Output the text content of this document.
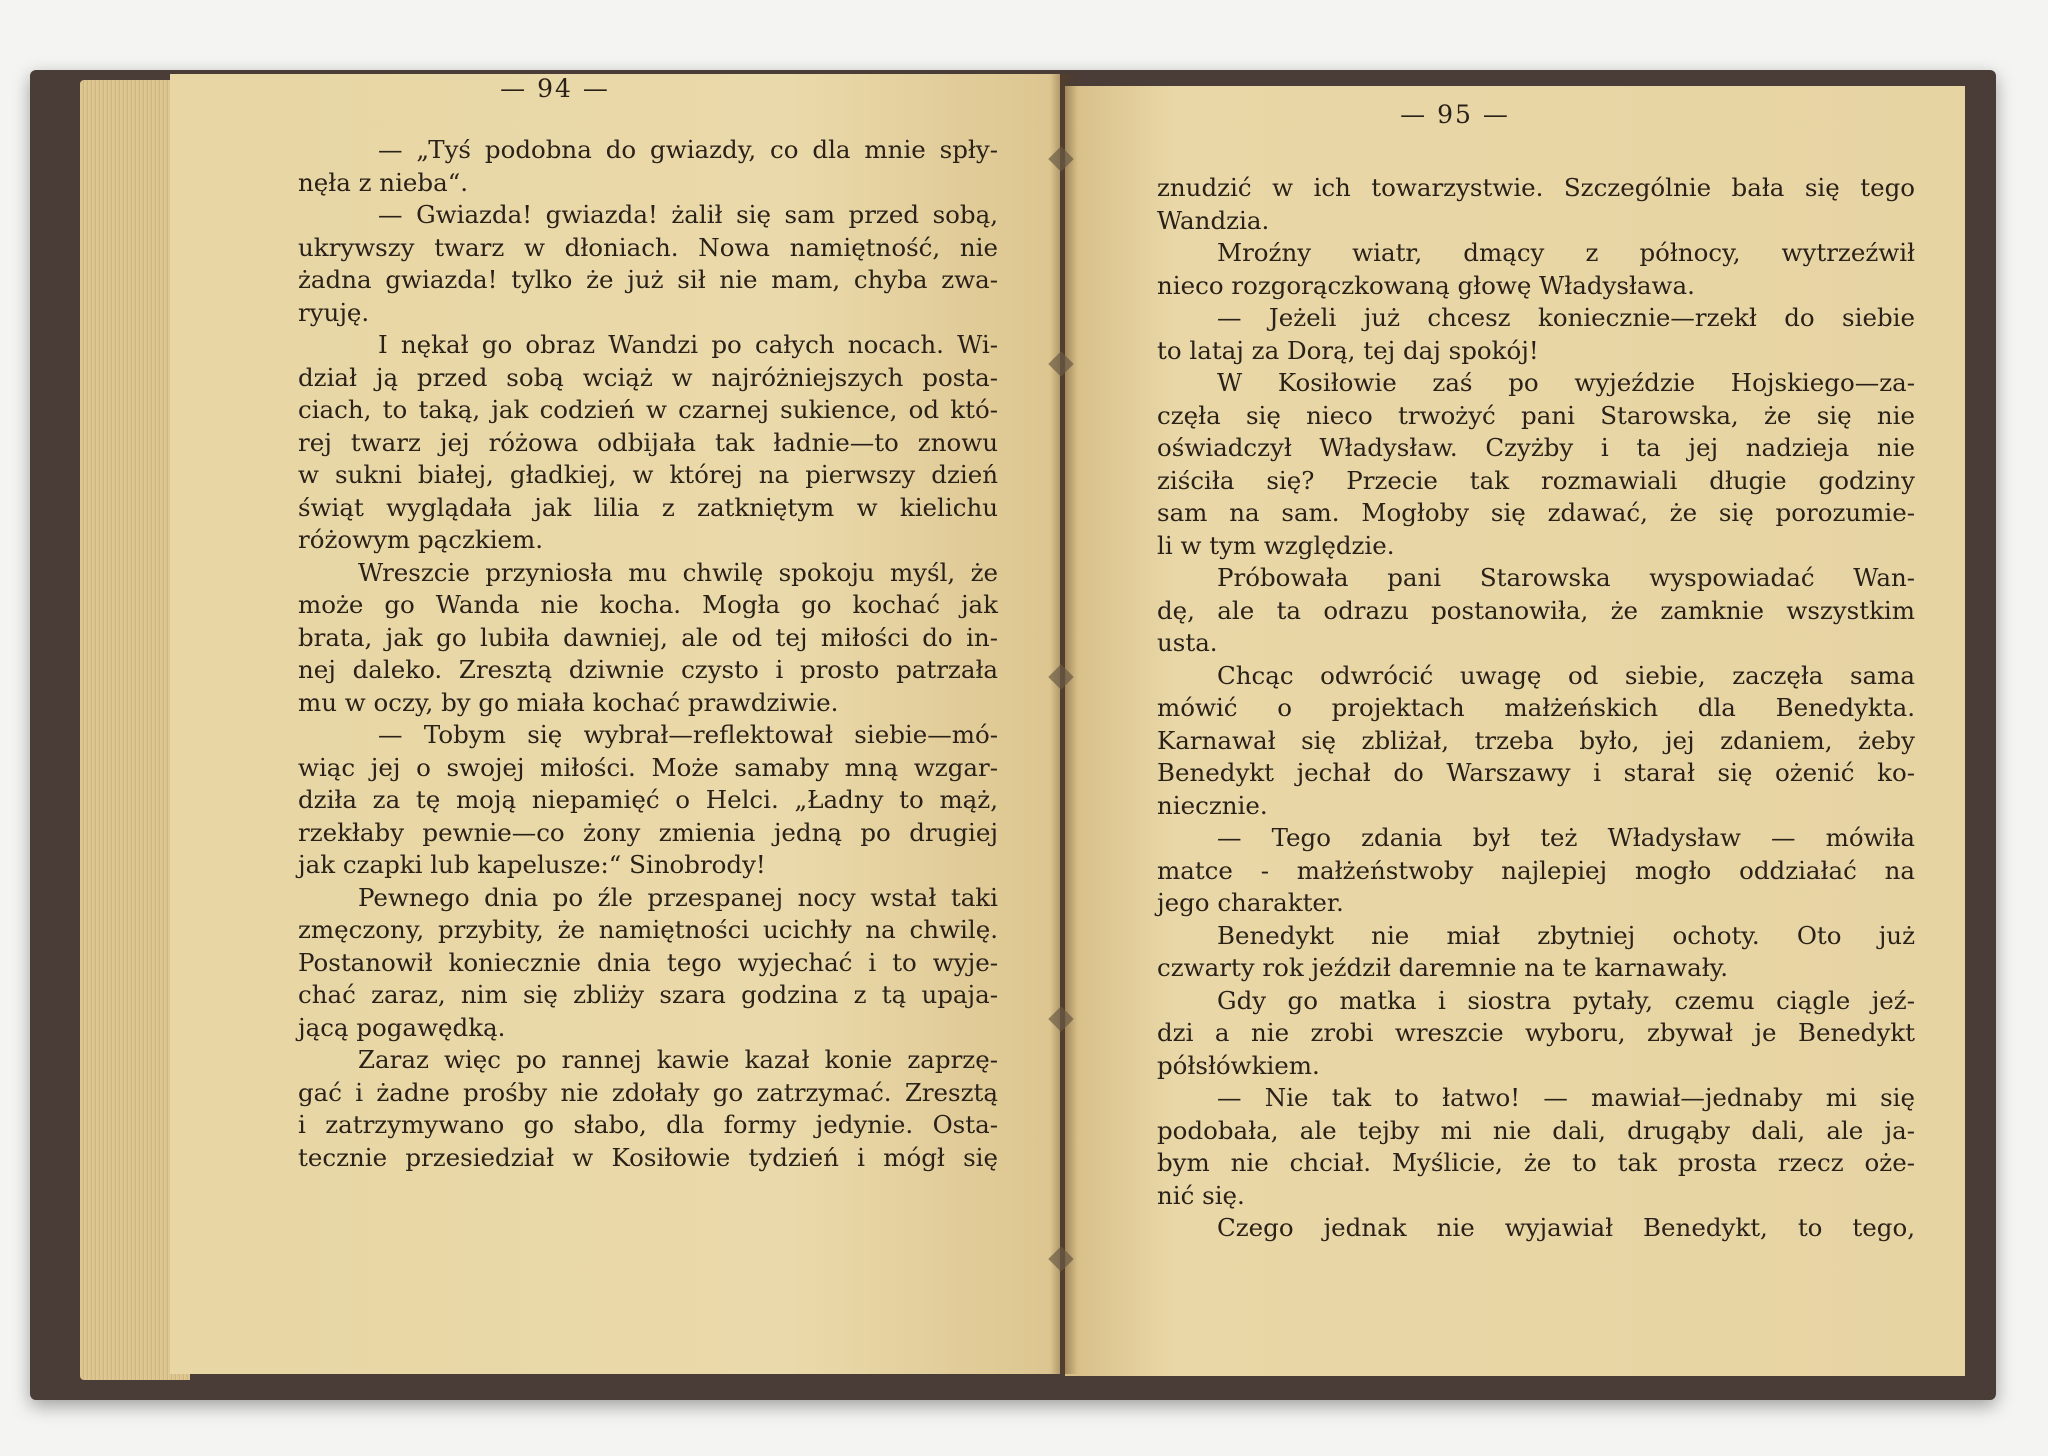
— 94 —
— „Tyś podobna do gwiazdy, co dla mnie spły-
nęła z nieba“.
— Gwiazda! gwiazda! żalił się sam przed sobą,
ukrywszy twarz w dłoniach. Nowa namiętność, nie
żadna gwiazda! tylko że już sił nie mam, chyba zwa-
ryuję.
I nękał go obraz Wandzi po całych nocach. Wi-
dział ją przed sobą wciąż w najróżniejszych posta-
ciach, to taką, jak codzień w czarnej sukience, od któ-
rej twarz jej różowa odbijała tak ładnie—to znowu
w sukni białej, gładkiej, w której na pierwszy dzień
świąt wyglądała jak lilia z zatkniętym w kielichu
różowym pączkiem.
Wreszcie przyniosła mu chwilę spokoju myśl, że
może go Wanda nie kocha. Mogła go kochać jak
brata, jak go lubiła dawniej, ale od tej miłości do in-
nej daleko. Zresztą dziwnie czysto i prosto patrzała
mu w oczy, by go miała kochać prawdziwie.
— Tobym się wybrał—reflektował siebie—mó-
wiąc jej o swojej miłości. Może samaby mną wzgar-
dziła za tę moją niepamięć o Helci. „Ładny to mąż,
rzekłaby pewnie—co żony zmienia jedną po drugiej
jak czapki lub kapelusze:“ Sinobrody!
Pewnego dnia po źle przespanej nocy wstał taki
zmęczony, przybity, że namiętności ucichły na chwilę.
Postanowił koniecznie dnia tego wyjechać i to wyje-
chać zaraz, nim się zbliży szara godzina z tą upaja-
jącą pogawędką.
Zaraz więc po rannej kawie kazał konie zaprzę-
gać i żadne prośby nie zdołały go zatrzymać. Zresztą
i zatrzymywano go słabo, dla formy jedynie. Osta-
tecznie przesiedział w Kosiłowie tydzień i mógł się
— 95 —
znudzić w ich towarzystwie. Szczególnie bała się tego
Wandzia.
Mroźny wiatr, dmący z północy, wytrzeźwił
nieco rozgorączkowaną głowę Władysława.
— Jeżeli już chcesz koniecznie—rzekł do siebie
to lataj za Dorą, tej daj spokój!
W Kosiłowie zaś po wyjeździe Hojskiego—za-
częła się nieco trwożyć pani Starowska, że się nie
oświadczył Władysław. Czyżby i ta jej nadzieja nie
ziściła się? Przecie tak rozmawiali długie godziny
sam na sam. Mogłoby się zdawać, że się porozumie-
li w tym względzie.
Próbowała pani Starowska wyspowiadać Wan-
dę, ale ta odrazu postanowiła, że zamknie wszystkim
usta.
Chcąc odwrócić uwagę od siebie, zaczęła sama
mówić o projektach małżeńskich dla Benedykta.
Karnawał się zbliżał, trzeba było, jej zdaniem, żeby
Benedykt jechał do Warszawy i starał się ożenić ko-
niecznie.
— Tego zdania był też Władysław — mówiła
matce - małżeństwoby najlepiej mogło oddziałać na
jego charakter.
Benedykt nie miał zbytniej ochoty. Oto już
czwarty rok jeździł daremnie na te karnawały.
Gdy go matka i siostra pytały, czemu ciągle jeź-
dzi a nie zrobi wreszcie wyboru, zbywał je Benedykt
półsłówkiem.
— Nie tak to łatwo! — mawiał—jednaby mi się
podobała, ale tejby mi nie dali, drugąby dali, ale ja-
bym nie chciał. Myślicie, że to tak prosta rzecz oże-
nić się.
Czego jednak nie wyjawiał Benedykt, to tego,
